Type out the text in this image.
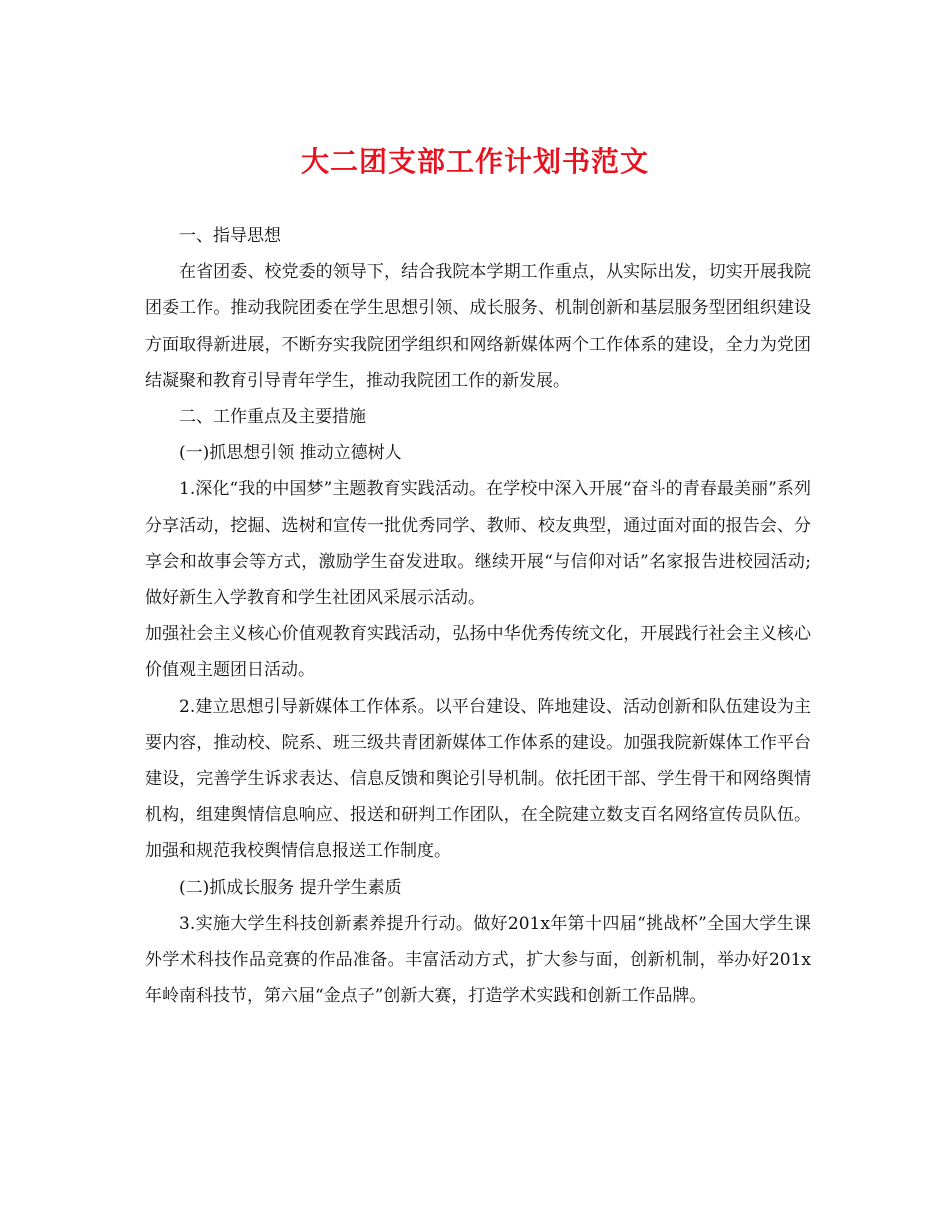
大二团支部工作计划书范文

一、指导思想

在省团委、校党委的领导下，结合我院本学期工作重点，从实际出发，切实开展我院团委工作。推动我院团委在学生思想引领、成长服务、机制创新和基层服务型团组织建设方面取得新进展，不断夯实我院团学组织和网络新媒体两个工作体系的建设，全力为党团结凝聚和教育引导青年学生，推动我院团工作的新发展。

二、工作重点及主要措施

(一)抓思想引领 推动立德树人

1.深化“我的中国梦”主题教育实践活动。在学校中深入开展“奋斗的青春最美丽”系列分享活动，挖掘、选树和宣传一批优秀同学、教师、校友典型，通过面对面的报告会、分享会和故事会等方式，激励学生奋发进取。继续开展“与信仰对话”名家报告进校园活动;做好新生入学教育和学生社团风采展示活动。

加强社会主义核心价值观教育实践活动，弘扬中华优秀传统文化，开展践行社会主义核心价值观主题团日活动。

2.建立思想引导新媒体工作体系。以平台建设、阵地建设、活动创新和队伍建设为主要内容，推动校、院系、班三级共青团新媒体工作体系的建设。加强我院新媒体工作平台建设，完善学生诉求表达、信息反馈和舆论引导机制。依托团干部、学生骨干和网络舆情机构，组建舆情信息响应、报送和研判工作团队，在全院建立数支百名网络宣传员队伍。加强和规范我校舆情信息报送工作制度。

(二)抓成长服务 提升学生素质

3.实施大学生科技创新素养提升行动。做好201x年第十四届“挑战杯”全国大学生课外学术科技作品竞赛的作品准备。丰富活动方式，扩大参与面，创新机制，举办好201x年岭南科技节，第六届“金点子”创新大赛，打造学术实践和创新工作品牌。
